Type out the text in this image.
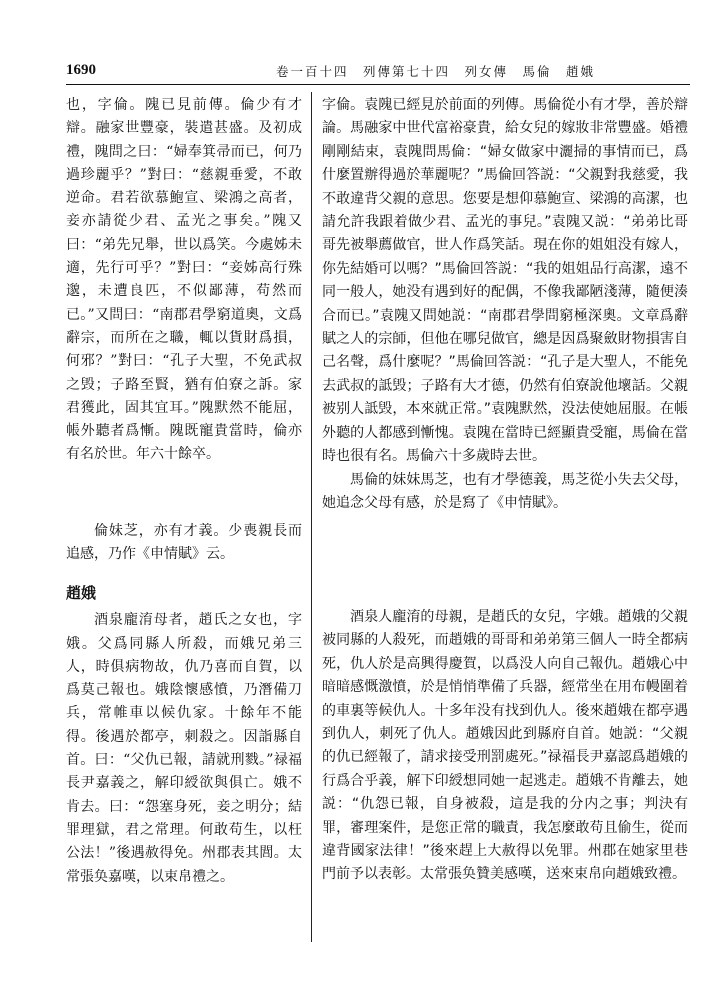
1690	卷一百十四　列傳第七十四　列女傳　馬倫　趙娥

也，字倫。隗已見前傳。倫少有才辯。融家世豐豪，裝遣甚盛。及初成禮，隗問之曰：“婦奉箕帚而已，何乃過珍麗乎？”對曰：“慈親垂愛，不敢逆命。君若欲慕鮑宣、梁鴻之高者，妾亦請從少君、孟光之事矣。”隗又曰：“弟先兄舉，世以爲笑。今處姊未適，先行可乎？”對曰：“妾姊高行殊邈，未遭良匹，不似鄙薄，苟然而已。”又問曰：“南郡君學窮道奧，文爲辭宗，而所在之職，輒以貨財爲損，何邪？”對曰：“孔子大聖，不免武叔之毁；子路至賢，猶有伯寮之訴。家君獲此，固其宜耳。”隗默然不能屈，帳外聽者爲慚。隗既寵貴當時，倫亦有名於世。年六十餘卒。

倫妹芝，亦有才義。少喪親長而追感，乃作《申情賦》云。

趙娥

酒泉龐淯母者，趙氏之女也，字娥。父爲同縣人所殺，而娥兄弟三人，時俱病物故，仇乃喜而自賀，以爲莫己報也。娥陰懷感憤，乃潛備刀兵，常帷車以候仇家。十餘年不能得。後遇於都亭，刺殺之。因詣縣自首。曰：“父仇已報，請就刑戮。”禄福長尹嘉義之，解印綬欲與俱亡。娥不肯去。曰：“怨塞身死，妾之明分；結罪理獄，君之常理。何敢苟生，以枉公法！”後遇赦得免。州郡表其閭。太常張奂嘉嘆，以束帛禮之。

字倫。袁隗已經見於前面的列傳。馬倫從小有才學，善於辯論。馬融家中世代富裕豪貴，給女兒的嫁妝非常豐盛。婚禮剛剛結束，袁隗問馬倫：“婦女做家中灑掃的事情而已，爲什麼置辦得過於華麗呢？”馬倫回答説：“父親對我慈愛，我不敢違背父親的意思。您要是想仰慕鮑宣、梁鴻的高潔，也請允許我跟着做少君、孟光的事兒。”袁隗又説：“弟弟比哥哥先被舉薦做官，世人作爲笑話。現在你的姐姐没有嫁人，你先結婚可以嗎？”馬倫回答説：“我的姐姐品行高潔，遠不同一般人，她没有遇到好的配偶，不像我鄙陋淺薄，隨便湊合而已。”袁隗又問她説：“南郡君學問窮極深奧。文章爲辭賦之人的宗師，但他在哪兒做官，總是因爲聚斂財物損害自己名聲，爲什麼呢？”馬倫回答説：“孔子是大聖人，不能免去武叔的詆毁；子路有大才德，仍然有伯寮說他壞話。父親被别人詆毁，本來就正常。”袁隗默然，没法使她屈服。在帳外聽的人都感到慚愧。袁隗在當時已經顯貴受寵，馬倫在當時也很有名。馬倫六十多歲時去世。

馬倫的妹妹馬芝，也有才學德義，馬芝從小失去父母，她追念父母有感，於是寫了《申情賦》。

酒泉人龐淯的母親，是趙氏的女兒，字娥。趙娥的父親被同縣的人殺死，而趙娥的哥哥和弟弟第三個人一時全都病死，仇人於是高興得慶賀，以爲没人向自己報仇。趙娥心中暗暗感慨激憤，於是悄悄準備了兵器，經常坐在用布幔圍着的車裏等候仇人。十多年没有找到仇人。後來趙娥在都亭遇到仇人，刺死了仇人。趙娥因此到縣府自首。她説：“父親的仇已經報了，請求接受刑罰處死。”禄福長尹嘉認爲趙娥的行爲合乎義，解下印綬想同她一起逃走。趙娥不肯離去，她説：“仇怨已報，自身被殺，這是我的分内之事；判決有罪，審理案件，是您正常的職責，我怎麼敢苟且偷生，從而違背國家法律！”後來趕上大赦得以免罪。州郡在她家里巷門前予以表彰。太常張奂贊美感嘆，送來束帛向趙娥致禮。
